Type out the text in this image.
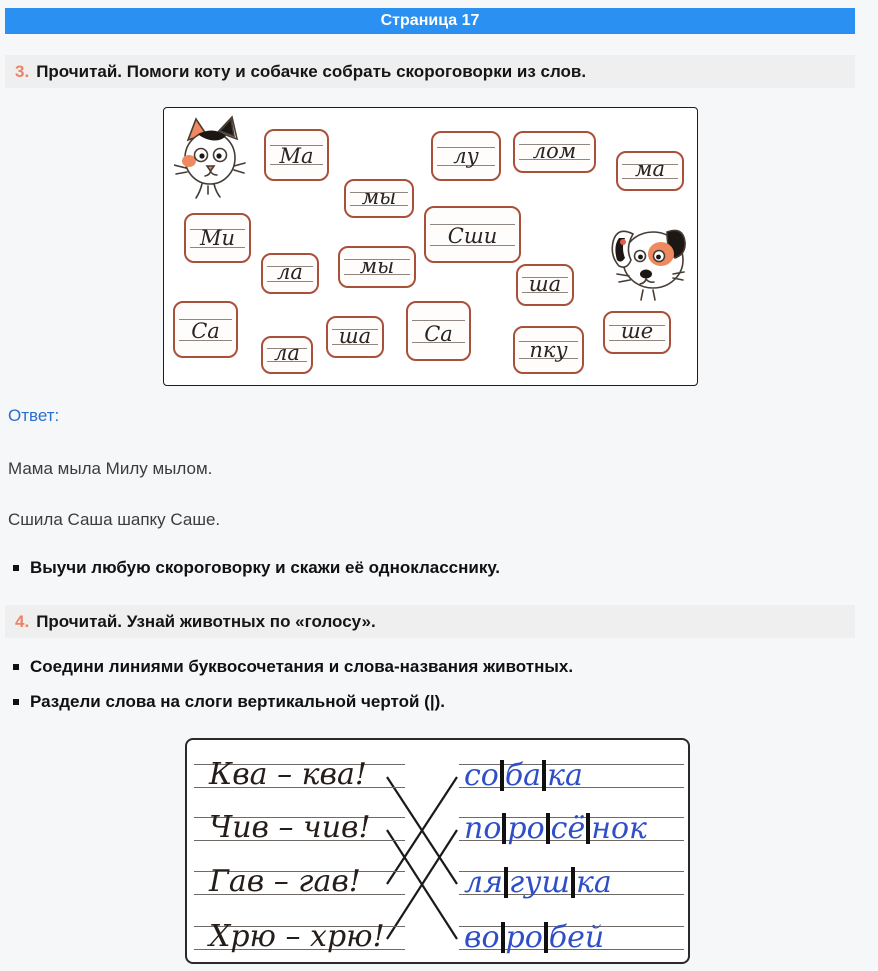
Страница 17
3. Прочитай. Помоги коту и собачке собрать скороговорки из слов.
Ма	лу	лом
ма
мы
Ми	Сши
ла	мы
ша
Са
ла
ша	Са
пку
ше
Ответ:

Мама мыла Милу мылом.

Сшила Саша шапку Саше.

Выучи любую скороговорку и скажи её однокласснику.
4. Прочитай. Узнай животных по «голосу».
Соедини линиями буквосочетания и слова-названия животных.
Раздели слова на слоги вертикальной чертой (|).
Ква – ква!
Чив – чив!
Гав – гав!
Хрю – хрю!
со ба ка
по ро сё нок
ля гуш ка
во ро бей
